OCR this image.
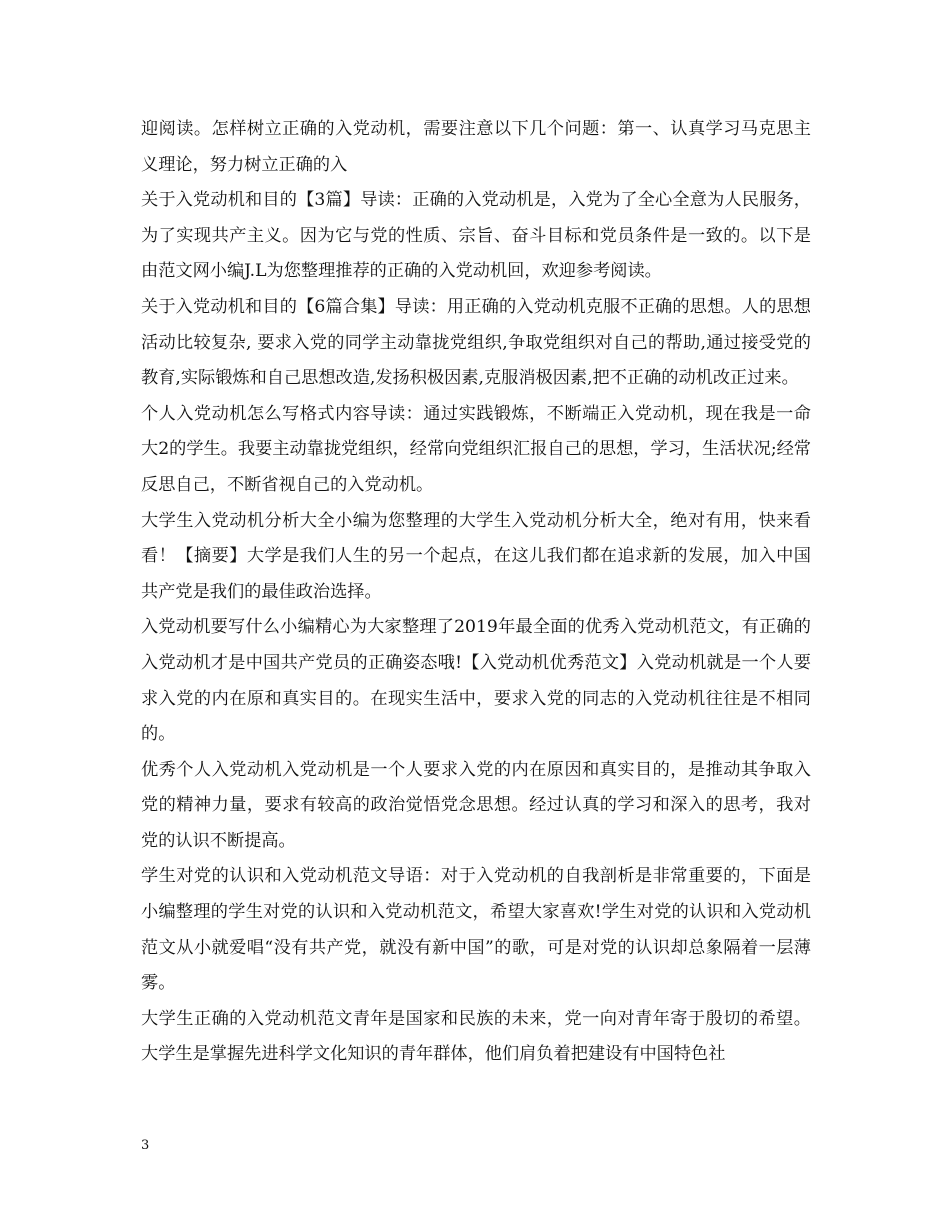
迎阅读。怎样树立正确的入党动机，需要注意以下几个问题：第一、认真学习马克思主义理论，努力树立正确的入

关于入党动机和目的【3篇】导读：正确的入党动机是，入党为了全心全意为人民服务，为了实现共产主义。因为它与党的性质、宗旨、奋斗目标和党员条件是一致的。以下是由范文网小编J.L为您整理推荐的正确的入党动机回，欢迎参考阅读。

关于入党动机和目的【6篇合集】导读：用正确的入党动机克服不正确的思想。人的思想活动比较复杂, 要求入党的同学主动靠拢党组织,争取党组织对自己的帮助,通过接受党的教育,实际锻炼和自己思想改造,发扬积极因素,克服消极因素,把不正确的动机改正过来。

个人入党动机怎么写格式内容导读：通过实践锻炼，不断端正入党动机，现在我是一命大2的学生。我要主动靠拢党组织，经常向党组织汇报自己的思想，学习，生活状况;经常反思自己，不断省视自己的入党动机。

大学生入党动机分析大全小编为您整理的大学生入党动机分析大全，绝对有用，快来看看！【摘要】大学是我们人生的另一个起点，在这儿我们都在追求新的发展，加入中国共产党是我们的最佳政治选择。

入党动机要写什么小编精心为大家整理了2019年最全面的优秀入党动机范文，有正确的入党动机才是中国共产党员的正确姿态哦!【入党动机优秀范文】入党动机就是一个人要求入党的内在原和真实目的。在现实生活中，要求入党的同志的入党动机往往是不相同的。

优秀个人入党动机入党动机是一个人要求入党的内在原因和真实目的，是推动其争取入党的精神力量，要求有较高的政治觉悟党念思想。经过认真的学习和深入的思考，我对党的认识不断提高。

学生对党的认识和入党动机范文导语：对于入党动机的自我剖析是非常重要的，下面是小编整理的学生对党的认识和入党动机范文，希望大家喜欢!学生对党的认识和入党动机范文从小就爱唱“没有共产党，就没有新中国”的歌，可是对党的认识却总象隔着一层薄雾。

大学生正确的入党动机范文青年是国家和民族的未来，党一向对青年寄于殷切的希望。大学生是掌握先进科学文化知识的青年群体，他们肩负着把建设有中国特色社

3
